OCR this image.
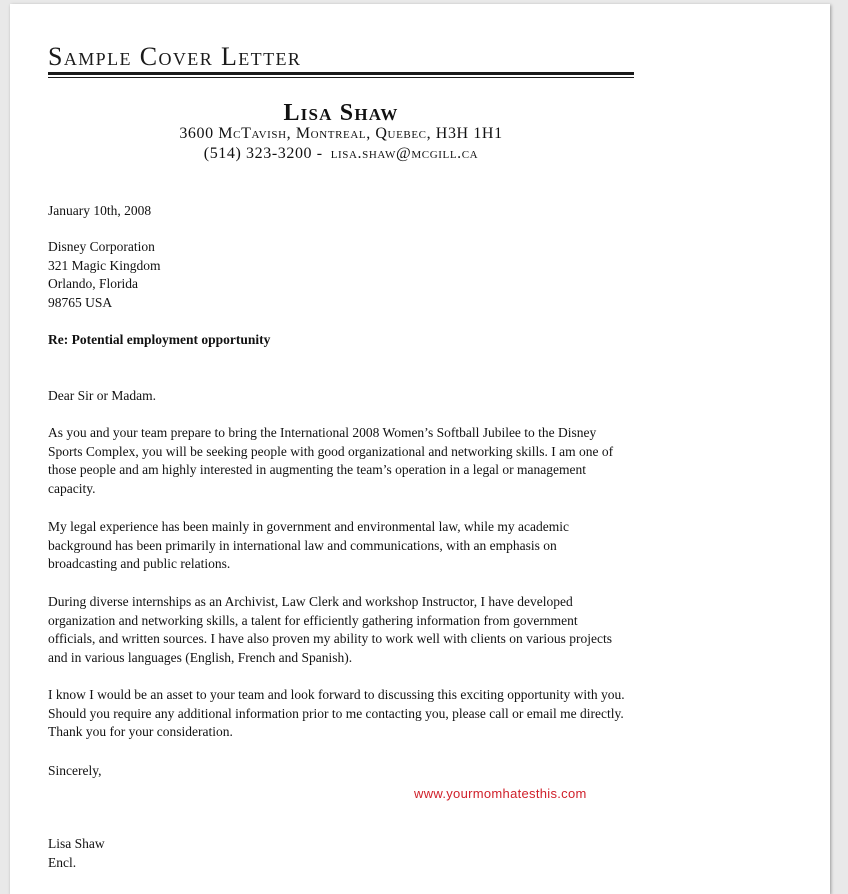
Sample Cover Letter
Lisa Shaw
3600 McTavish, Montreal, Quebec, H3H 1H1
(514) 323-3200 - lisa.shaw@mcgill.ca

January 10th, 2008

Disney Corporation
321 Magic Kingdom
Orlando, Florida
98765 USA

Re: Potential employment opportunity

Dear Sir or Madam.

As you and your team prepare to bring the International 2008 Women’s Softball Jubilee to the Disney Sports Complex, you will be seeking people with good organizational and networking skills. I am one of those people and am highly interested in augmenting the team’s operation in a legal or management capacity.

My legal experience has been mainly in government and environmental law, while my academic background has been primarily in international law and communications, with an emphasis on broadcasting and public relations.

During diverse internships as an Archivist, Law Clerk and workshop Instructor, I have developed organization and networking skills, a talent for efficiently gathering information from government officials, and written sources. I have also proven my ability to work well with clients on various projects and in various languages (English, French and Spanish).

I know I would be an asset to your team and look forward to discussing this exciting opportunity with you. Should you require any additional information prior to me contacting you, please call or email me directly. Thank you for your consideration.

Sincerely,

Lisa Shaw

Encl.

www.yourmomhatesthis.com
